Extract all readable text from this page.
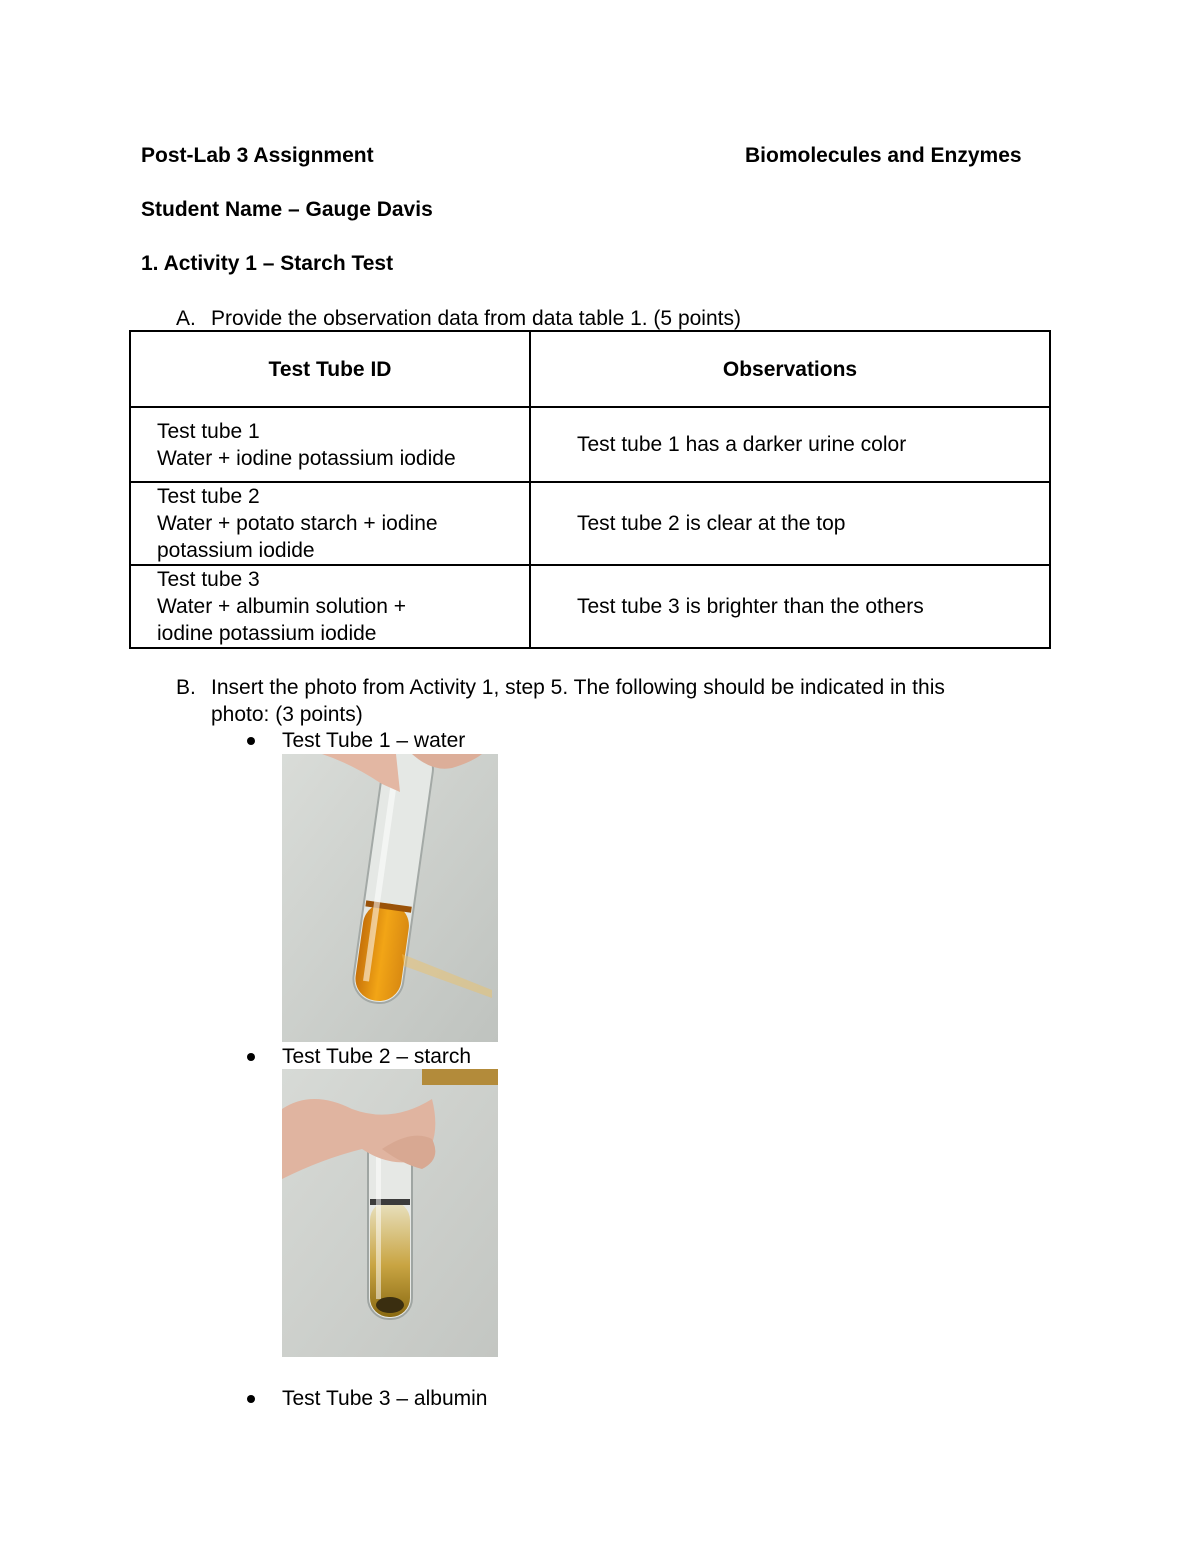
Post-Lab 3 Assignment	Biomolecules and Enzymes
Student Name – Gauge Davis
1. Activity 1 – Starch Test
A. Provide the observation data from data table 1. (5 points)
Test Tube ID	Observations

Test tube 1
Water + iodine potassium iodide	Test tube 1 has a darker urine color

Test tube 2
Water + potato starch + iodine
potassium iodide	Test tube 2 is clear at the top

Test tube 3
Water + albumin solution +
iodine potassium iodide	Test tube 3 is brighter than the others
B. Insert the photo from Activity 1, step 5. The following should be indicated in this
photo: (3 points)
Test Tube 1 – water
Test Tube 2 – starch
Test Tube 3 – albumin
